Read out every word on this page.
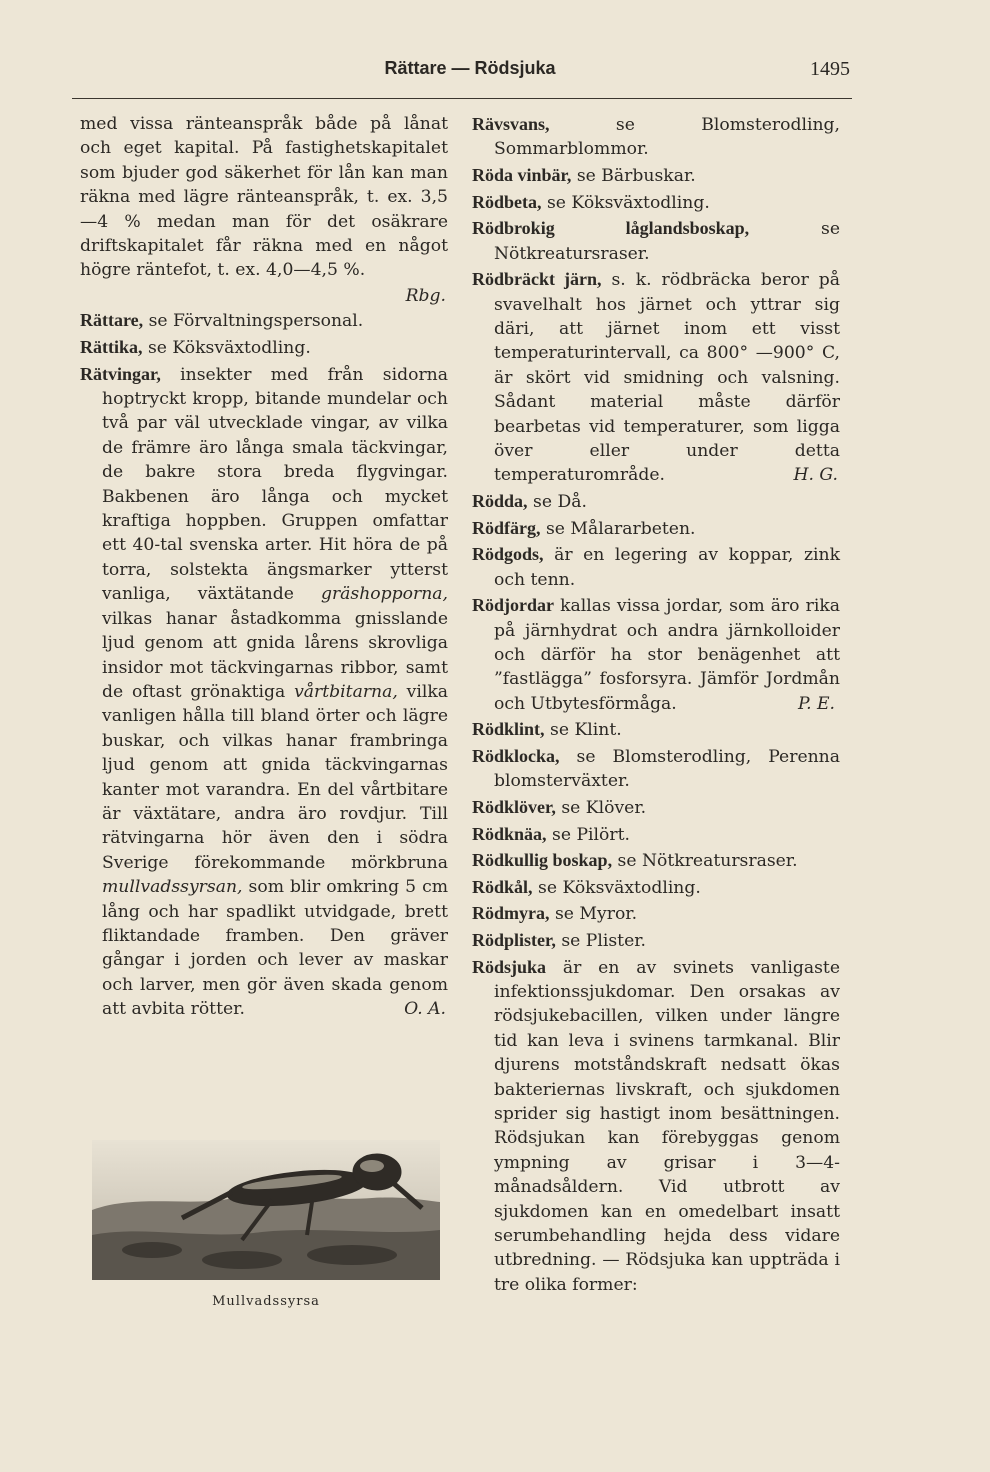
Rättare — Rödsjuka	1495

med vissa ränteanspråk både på lånat och eget kapital. På fastighetskapitalet som bjuder god säkerhet för lån kan man räkna med lägre ränteanspråk, t. ex. 3,5—4 % medan man för det osäkrare driftskapitalet får räkna med en något högre räntefot, t. ex. 4,0—4,5 %.

Rbg.

Rättare, se Förvaltningspersonal.

Rättika, se Köksväxtodling.

Rätvingar, insekter med från sidorna hoptryckt kropp, bitande mundelar och två par väl utvecklade vingar, av vilka de främre äro långa smala täckvingar, de bakre stora breda flygvingar. Bakbenen äro långa och mycket kraftiga hoppben. Gruppen omfattar ett 40-tal svenska arter. Hit höra de på torra, solstekta ängsmarker ytterst vanliga, växtätande gräshopporna, vilkas hanar åstadkomma gnisslande ljud genom att gnida lårens skrovliga insidor mot täckvingarnas ribbor, samt de oftast grönaktiga vårtbitarna, vilka vanligen hålla till bland örter och lägre buskar, och vilkas hanar frambringa ljud genom att gnida täckvingarnas kanter mot varandra. En del vårtbitare är växtätare, andra äro rovdjur. Till rätvingarna hör även den i södra Sverige förekommande mörkbruna mullvadssyrsan, som blir omkring 5 cm lång och har spadlikt utvidgade, brett fliktandade framben. Den gräver gångar i jorden och lever av maskar och larver, men gör även skada genom att avbita rötter.	O. A.

Mullvadssyrsa

Rävsvans, se Blomsterodling, Sommarblommor.

Röda vinbär, se Bärbuskar.

Rödbeta, se Köksväxtodling.

Rödbrokig låglandsboskap, se Nötkreatursraser.

Rödbräckt järn, s. k. rödbräcka beror på svavelhalt hos järnet och yttrar sig däri, att järnet inom ett visst temperaturintervall, ca 800° —900° C, är skört vid smidning och valsning. Sådant material måste därför bearbetas vid temperaturer, som ligga över eller under detta temperaturområde.	H. G.

Rödda, se Då.

Rödfärg, se Målararbeten.

Rödgods, är en legering av koppar, zink och tenn.

Rödjordar kallas vissa jordar, som äro rika på järnhydrat och andra järnkolloider och därför ha stor benägenhet att ”fastlägga” fosforsyra. Jämför Jordmån och Utbytesförmåga.	P. E.

Rödklint, se Klint.

Rödklocka, se Blomsterodling, Perenna blomsterväxter.

Rödklöver, se Klöver.

Rödknäa, se Pilört.

Rödkullig boskap, se Nötkreatursraser.

Rödkål, se Köksväxtodling.

Rödmyra, se Myror.

Rödplister, se Plister.

Rödsjuka är en av svinets vanligaste infektionssjukdomar. Den orsakas av rödsjukebacillen, vilken under längre tid kan leva i svinens tarmkanal. Blir djurens motståndskraft nedsatt ökas bakteriernas livskraft, och sjukdomen sprider sig hastigt inom besättningen. Rödsjukan kan förebyggas genom ympning av grisar i 3—4-månadsåldern. Vid utbrott av sjukdomen kan en omedelbart insatt serumbehandling hejda dess vidare utbredning. — Rödsjuka kan uppträda i tre olika former:
